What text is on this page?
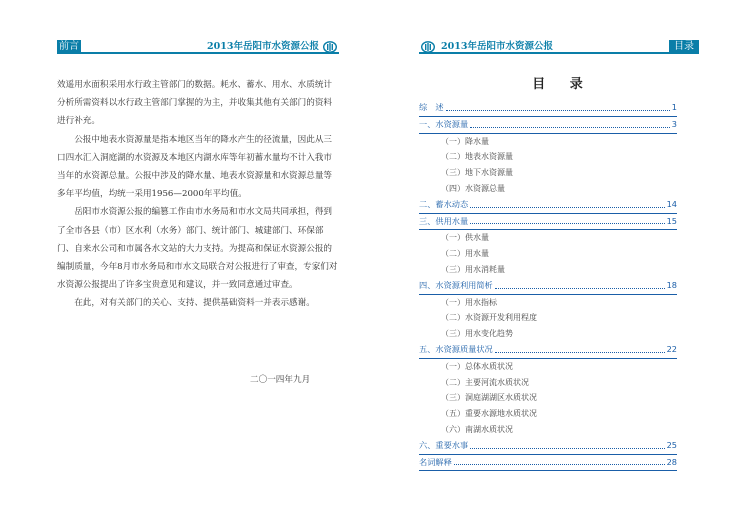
前言	2013年岳阳市水资源公报

效遥用水面积采用水行政主管部门的数据。耗水、蓄水、用水、水质统计分析所需资料以水行政主管部门掌握的为主，并收集其他有关部门的资料进行补充。

公报中地表水资源量是指本地区当年的降水产生的径流量，因此从三口四水汇入洞庭湖的水资源及本地区内湖水库等年初蓄水量均不计入我市当年的水资源总量。公报中涉及的降水量、地表水资源量和水资源总量等多年平均值，均统一采用1956—2000年平均值。

岳阳市水资源公报的编篡工作由市水务局和市水文局共同承担，得到了全市各县（市）区水利（水务）部门、统计部门、城建部门、环保部门、自来水公司和市属各水文站的大力支持。为提高和保证水资源公报的编制质量，今年8月市水务局和市水文局联合对公报进行了审查，专家们对水资源公报提出了许多宝贵意见和建议，并一致同意通过审查。

在此，对有关部门的关心、支持、提供基础资料一并表示感谢。

二〇一四年九月
2013年岳阳市水资源公报	目录
目 录
综　述	1
一、水资源量	3
（一）降水量
（二）地表水资源量
（三）地下水资源量
（四）水资源总量
二、蓄水动态	14
三、供用水量	15
（一）供水量
（二）用水量
（三）用水消耗量
四、水资源利用简析	18
（一）用水指标
（二）水资源开发利用程度
（三）用水变化趋势
五、水资源质量状况	22
（一）总体水质状况
（二）主要河流水质状况
（三）洞庭湖湖区水质状况
（五）重要水源地水质状况
（六）南湖水质状况
六、重要水事	25
名词解释	28
